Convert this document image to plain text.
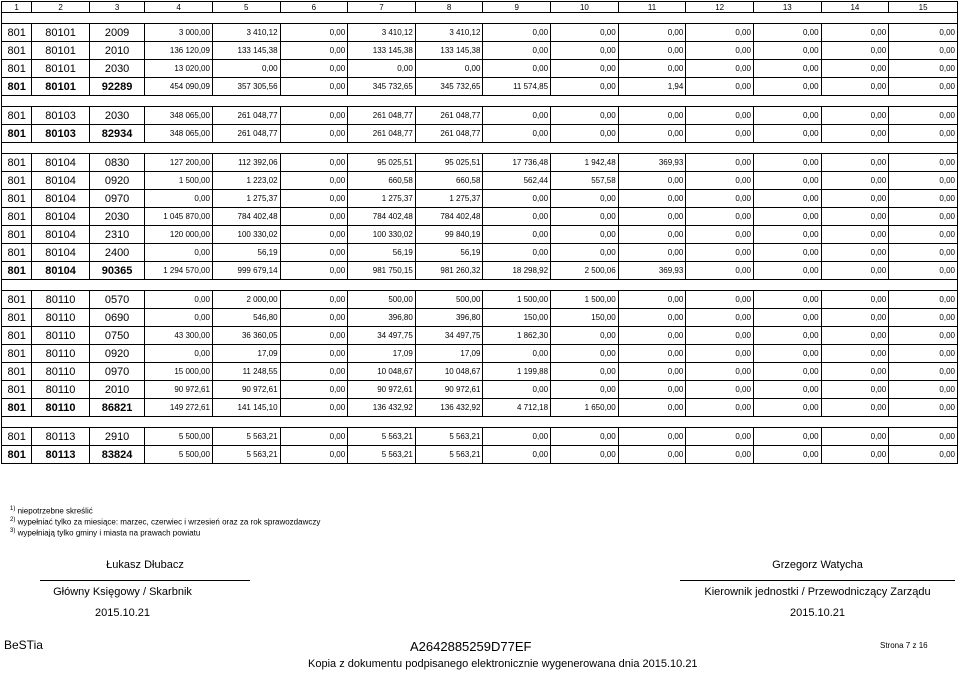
1	2	3	4	5	6	7	8	9	10	11	12	13	14	15

801	80101	2009	3 000,00	3 410,12	0,00	3 410,12	3 410,12	0,00	0,00	0,00	0,00	0,00	0,00	0,00
801	80101	2010	136 120,09	133 145,38	0,00	133 145,38	133 145,38	0,00	0,00	0,00	0,00	0,00	0,00	0,00
801	80101	2030	13 020,00	0,00	0,00	0,00	0,00	0,00	0,00	0,00	0,00	0,00	0,00	0,00
801	80101	92289	454 090,09	357 305,56	0,00	345 732,65	345 732,65	11 574,85	0,00	1,94	0,00	0,00	0,00	0,00

801	80103	2030	348 065,00	261 048,77	0,00	261 048,77	261 048,77	0,00	0,00	0,00	0,00	0,00	0,00	0,00
801	80103	82934	348 065,00	261 048,77	0,00	261 048,77	261 048,77	0,00	0,00	0,00	0,00	0,00	0,00	0,00

801	80104	0830	127 200,00	112 392,06	0,00	95 025,51	95 025,51	17 736,48	1 942,48	369,93	0,00	0,00	0,00	0,00
801	80104	0920	1 500,00	1 223,02	0,00	660,58	660,58	562,44	557,58	0,00	0,00	0,00	0,00	0,00
801	80104	0970	0,00	1 275,37	0,00	1 275,37	1 275,37	0,00	0,00	0,00	0,00	0,00	0,00	0,00
801	80104	2030	1 045 870,00	784 402,48	0,00	784 402,48	784 402,48	0,00	0,00	0,00	0,00	0,00	0,00	0,00
801	80104	2310	120 000,00	100 330,02	0,00	100 330,02	99 840,19	0,00	0,00	0,00	0,00	0,00	0,00	0,00
801	80104	2400	0,00	56,19	0,00	56,19	56,19	0,00	0,00	0,00	0,00	0,00	0,00	0,00
801	80104	90365	1 294 570,00	999 679,14	0,00	981 750,15	981 260,32	18 298,92	2 500,06	369,93	0,00	0,00	0,00	0,00

801	80110	0570	0,00	2 000,00	0,00	500,00	500,00	1 500,00	1 500,00	0,00	0,00	0,00	0,00	0,00
801	80110	0690	0,00	546,80	0,00	396,80	396,80	150,00	150,00	0,00	0,00	0,00	0,00	0,00
801	80110	0750	43 300,00	36 360,05	0,00	34 497,75	34 497,75	1 862,30	0,00	0,00	0,00	0,00	0,00	0,00
801	80110	0920	0,00	17,09	0,00	17,09	17,09	0,00	0,00	0,00	0,00	0,00	0,00	0,00
801	80110	0970	15 000,00	11 248,55	0,00	10 048,67	10 048,67	1 199,88	0,00	0,00	0,00	0,00	0,00	0,00
801	80110	2010	90 972,61	90 972,61	0,00	90 972,61	90 972,61	0,00	0,00	0,00	0,00	0,00	0,00	0,00
801	80110	86821	149 272,61	141 145,10	0,00	136 432,92	136 432,92	4 712,18	1 650,00	0,00	0,00	0,00	0,00	0,00

801	80113	2910	5 500,00	5 563,21	0,00	5 563,21	5 563,21	0,00	0,00	0,00	0,00	0,00	0,00	0,00
801	80113	83824	5 500,00	5 563,21	0,00	5 563,21	5 563,21	0,00	0,00	0,00	0,00	0,00	0,00	0,00
$^{1)}$ niepotrzebne skreślić
$^{2)}$ wypełniać tylko za miesiące: marzec, czerwiec i wrzesień oraz za rok sprawozdawczy
$^{3)}$ wypełniają tylko gminy i miasta na prawach powiatu
Łukasz Dłubacz
Główny Księgowy / Skarbnik
2015.10.21
Grzegorz Watycha
Kierownik jednostki / Przewodniczący Zarządu
2015.10.21
BeSTia	A2642885259D77EF	Strona 7 z 16
Kopia z dokumentu podpisanego elektronicznie wygenerowana dnia 2015.10.21
